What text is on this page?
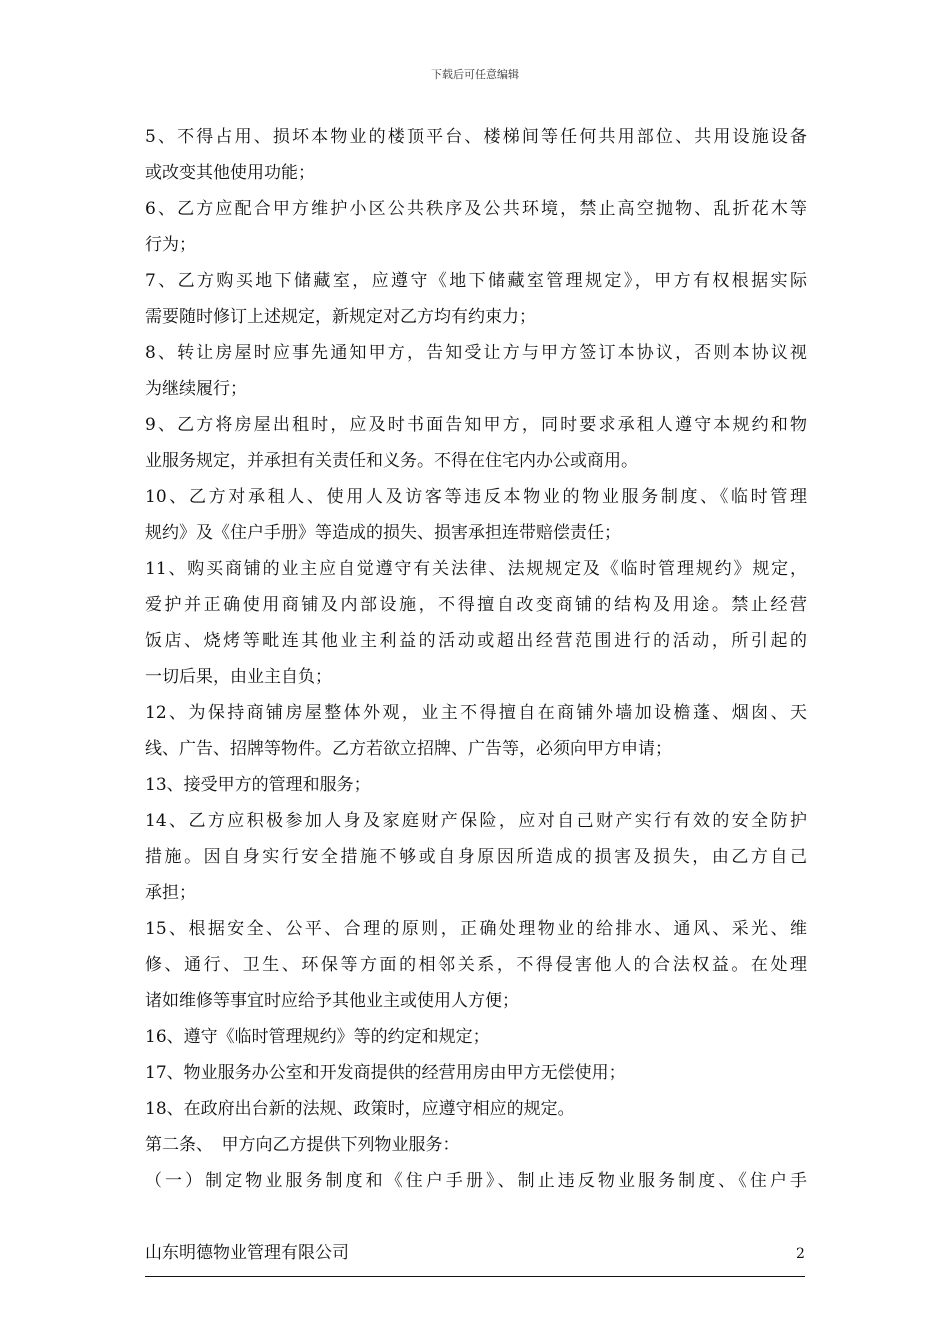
下载后可任意编辑
5、不得占用、损坏本物业的楼顶平台、楼梯间等任何共用部位、共用设施设备
或改变其他使用功能；
6、乙方应配合甲方维护小区公共秩序及公共环境，禁止高空抛物、乱折花木等
行为；
7、乙方购买地下储藏室，应遵守《地下储藏室管理规定》，甲方有权根据实际
需要随时修订上述规定，新规定对乙方均有约束力；
8、转让房屋时应事先通知甲方，告知受让方与甲方签订本协议，否则本协议视
为继续履行；
9、乙方将房屋出租时，应及时书面告知甲方，同时要求承租人遵守本规约和物
业服务规定，并承担有关责任和义务。不得在住宅内办公或商用。
10、乙方对承租人、使用人及访客等违反本物业的物业服务制度、《临时管理
规约》及《住户手册》等造成的损失、损害承担连带赔偿责任；
11、购买商铺的业主应自觉遵守有关法律、法规规定及《临时管理规约》规定，
爱护并正确使用商铺及内部设施，不得擅自改变商铺的结构及用途。禁止经营
饭店、烧烤等毗连其他业主利益的活动或超出经营范围进行的活动，所引起的
一切后果，由业主自负；
12、为保持商铺房屋整体外观，业主不得擅自在商铺外墙加设檐蓬、烟囱、天
线、广告、招牌等物件。乙方若欲立招牌、广告等，必须向甲方申请；
13、接受甲方的管理和服务；
14、乙方应积极参加人身及家庭财产保险，应对自己财产实行有效的安全防护
措施。因自身实行安全措施不够或自身原因所造成的损害及损失，由乙方自己
承担；
15、根据安全、公平、合理的原则，正确处理物业的给排水、通风、采光、维
修、通行、卫生、环保等方面的相邻关系，不得侵害他人的合法权益。在处理
诸如维修等事宜时应给予其他业主或使用人方便；
16、遵守《临时管理规约》等的约定和规定；
17、物业服务办公室和开发商提供的经营用房由甲方无偿使用；
18、在政府出台新的法规、政策时，应遵守相应的规定。
第二条、　甲方向乙方提供下列物业服务：
（一）制定物业服务制度和《住户手册》、制止违反物业服务制度、《住户手
山东明德物业管理有限公司	2
